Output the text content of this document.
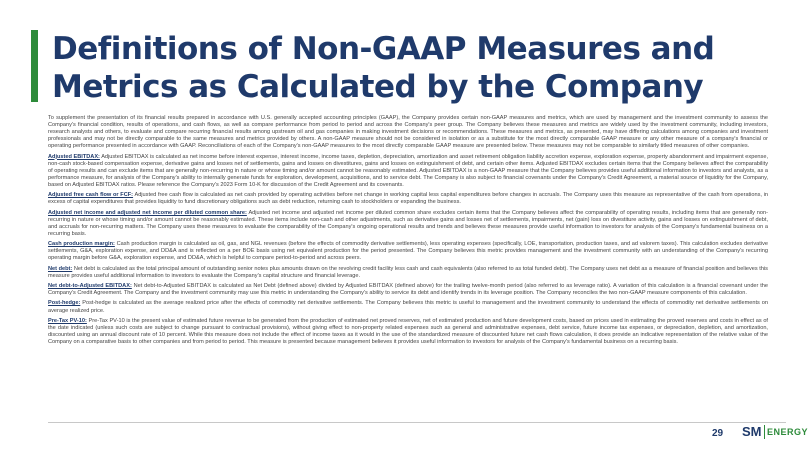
Definitions of Non-GAAP Measures and
Metrics as Calculated by the Company

To supplement the presentation of its financial results prepared in accordance with U.S. generally accepted accounting principles (GAAP), the Company provides certain non-GAAP measures and metrics, which are used by management and the investment community to assess the Company's financial condition, results of operations, and cash flows, as well as compare performance from period to period and across the Company's peer group. The Company believes these measures and metrics are widely used by the investment community, including investors, research analysts and others, to evaluate and compare recurring financial results among upstream oil and gas companies in making investment decisions or recommendations. These measures and metrics, as presented, may have differing calculations among companies and investment professionals and may not be directly comparable to the same measures and metrics provided by others. A non-GAAP measure should not be considered in isolation or as a substitute for the most directly comparable GAAP measure or any other measure of a company's financial or operating performance presented in accordance with GAAP. Reconciliations of each of the Company's non-GAAP measures to the most directly comparable GAAP measure are presented below. These measures may not be comparable to similarly titled measures of other companies.

Adjusted EBITDAX: Adjusted EBITDAX is calculated as net income before interest expense, interest income, income taxes, depletion, depreciation, amortization and asset retirement obligation liability accretion expense, exploration expense, property abandonment and impairment expense, non-cash stock-based compensation expense, derivative gains and losses net of settlements, gains and losses on divestitures, gains and losses on extinguishment of debt, and certain other items. Adjusted EBITDAX excludes certain items that the Company believes affect the comparability of operating results and can exclude items that are generally non-recurring in nature or whose timing and/or amount cannot be reasonably estimated. Adjusted EBITDAX is a non-GAAP measure that the Company believes provides useful additional information to investors and analysts, as a performance measure, for analysis of the Company's ability to internally generate funds for exploration, development, acquisitions, and to service debt. The Company is also subject to financial covenants under the Company's Credit Agreement, a material source of liquidity for the Company, based on Adjusted EBITDAX ratios. Please reference the Company's 2023 Form 10-K for discussion of the Credit Agreement and its covenants.

Adjusted free cash flow or FCF: Adjusted free cash flow is calculated as net cash provided by operating activities before net change in working capital less capital expenditures before changes in accruals. The Company uses this measure as representative of the cash from operations, in excess of capital expenditures that provides liquidity to fund discretionary obligations such as debt reduction, returning cash to stockholders or expanding the business.

Adjusted net income and adjusted net income per diluted common share: Adjusted net income and adjusted net income per diluted common share excludes certain items that the Company believes affect the comparability of operating results, including items that are generally non-recurring in nature or whose timing and/or amount cannot be reasonably estimated. These items include non-cash and other adjustments, such as derivative gains and losses net of settlements, impairments, net (gain) loss on divestiture activity, gains and losses on extinguishment of debt, and accruals for non-recurring matters. The Company uses these measures to evaluate the comparability of the Company's ongoing operational results and trends and believes these measures provide useful information to investors for analysis of the Company's fundamental business on a recurring basis.

Cash production margin: Cash production margin is calculated as oil, gas, and NGL revenues (before the effects of commodity derivative settlements), less operating expenses (specifically, LOE, transportation, production taxes, and ad valorem taxes). This calculation excludes derivative settlements, G&A, exploration expense, and DD&A and is reflected on a per BOE basis using net equivalent production for the period presented. The Company believes this metric provides management and the investment community with an understanding of the Company's recurring operating margin before G&A, exploration expense, and DD&A, which is helpful to compare period-to-period and across peers.

Net debt: Net debt is calculated as the total principal amount of outstanding senior notes plus amounts drawn on the revolving credit facility less cash and cash equivalents (also referred to as total funded debt). The Company uses net debt as a measure of financial position and believes this measure provides useful additional information to investors to evaluate the Company's capital structure and financial leverage.

Net debt-to-Adjusted EBITDAX: Net debt-to-Adjusted EBITDAX is calculated as Net Debt (defined above) divided by Adjusted EBITDAX (defined above) for the trailing twelve-month period (also referred to as leverage ratio). A variation of this calculation is a financial covenant under the Company's Credit Agreement. The Company and the investment community may use this metric in understanding the Company's ability to service its debt and identify trends in its leverage position. The Company reconciles the two non-GAAP measure components of this calculation.

Post-hedge: Post-hedge is calculated as the average realized price after the effects of commodity net derivative settlements. The Company believes this metric is useful to management and the investment community to understand the effects of commodity net derivative settlements on average realized price.

Pre-Tax PV-10: Pre-Tax PV-10 is the present value of estimated future revenue to be generated from the production of estimated net proved reserves, net of estimated production and future development costs, based on prices used in estimating the proved reserves and costs in effect as of the date indicated (unless such costs are subject to change pursuant to contractual provisions), without giving effect to non-property related expenses such as general and administrative expenses, debt service, future income tax expenses, or depreciation, depletion, and amortization, discounted using an annual discount rate of 10 percent. While this measure does not include the effect of income taxes as it would in the use of the standardized measure of discounted future net cash flows calculation, it does provide an indicative representation of the relative value of the Company on a comparative basis to other companies and from period to period. This measure is presented because management believes it provides useful information to investors for analysis of the Company's fundamental business on a recurring basis.

29 SM ENERGY
